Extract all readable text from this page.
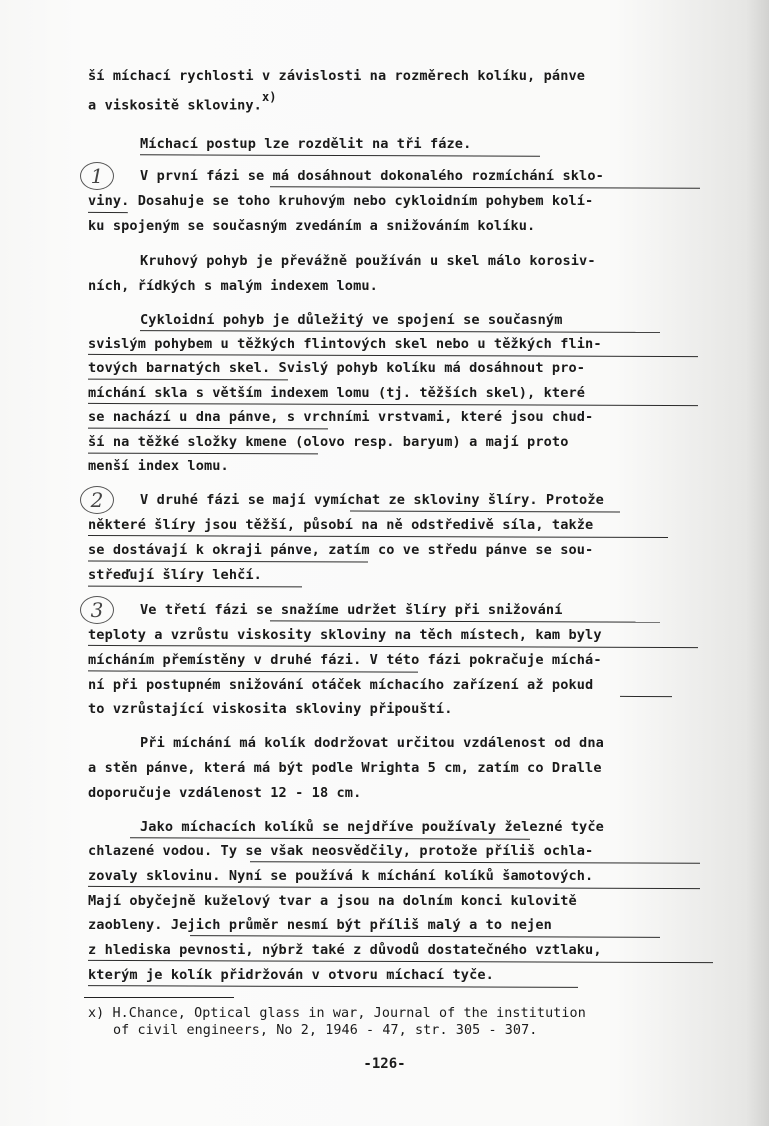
ší míchací rychlosti v závislosti na rozměrech kolíku, pánve

a viskositě skloviny.$^{x)}$

Míchací postup lze rozdělit na tři fáze.

1	V první fázi se má dosáhnout dokonalého rozmíchání sklo-

viny. Dosahuje se toho kruhovým nebo cykloidním pohybem kolí-

ku spojeným se současným zvedáním a snižováním kolíku.

Kruhový pohyb je převážně používán u skel málo korosiv-

ních, řídkých s malým indexem lomu.

Cykloidní pohyb je důležitý ve spojení se současným

svislým pohybem u těžkých flintových skel nebo u těžkých flin-

tových barnatých skel. Svislý pohyb kolíku má dosáhnout pro-

míchání skla s větším indexem lomu (tj. těžších skel), které

se nachází u dna pánve, s vrchními vrstvami, které jsou chud-

ší na těžké složky kmene (olovo resp. baryum) a mají proto

menší index lomu.

2	V druhé fázi se mají vymíchat ze skloviny šlíry. Protože

některé šlíry jsou těžší, působí na ně odstředivě síla, takže

se dostávají k okraji pánve, zatím co ve středu pánve se sou-

střeďují šlíry lehčí.

3	Ve třetí fázi se snažíme udržet šlíry při snižování

teploty a vzrůstu viskosity skloviny na těch místech, kam byly

mícháním přemístěny v druhé fázi. V této fázi pokračuje míchá-

ní při postupném snižování otáček míchacího zařízení až pokud

to vzrůstající viskosita skloviny připouští.

Při míchání má kolík dodržovat určitou vzdálenost od dna

a stěn pánve, která má být podle Wrighta 5 cm, zatím co Dralle

doporučuje vzdálenost 12 - 18 cm.

Jako míchacích kolíků se nejdříve používaly železné tyče

chlazené vodou. Ty se však neosvědčily, protože příliš ochla-

zovaly sklovinu. Nyní se používá k míchání kolíků šamotových.

Mají obyčejně kuželový tvar a jsou na dolním konci kulovitě

zaobleny. Jejich průměr nesmí být příliš malý a to nejen

z hlediska pevnosti, nýbrž také z důvodů dostatečného vztlaku,

kterým je kolík přidržován v otvoru míchací tyče.

x) H.Chance, Optical glass in war, Journal of the institution

of civil engineers, No 2, 1946 - 47, str. 305 - 307.

-126-
